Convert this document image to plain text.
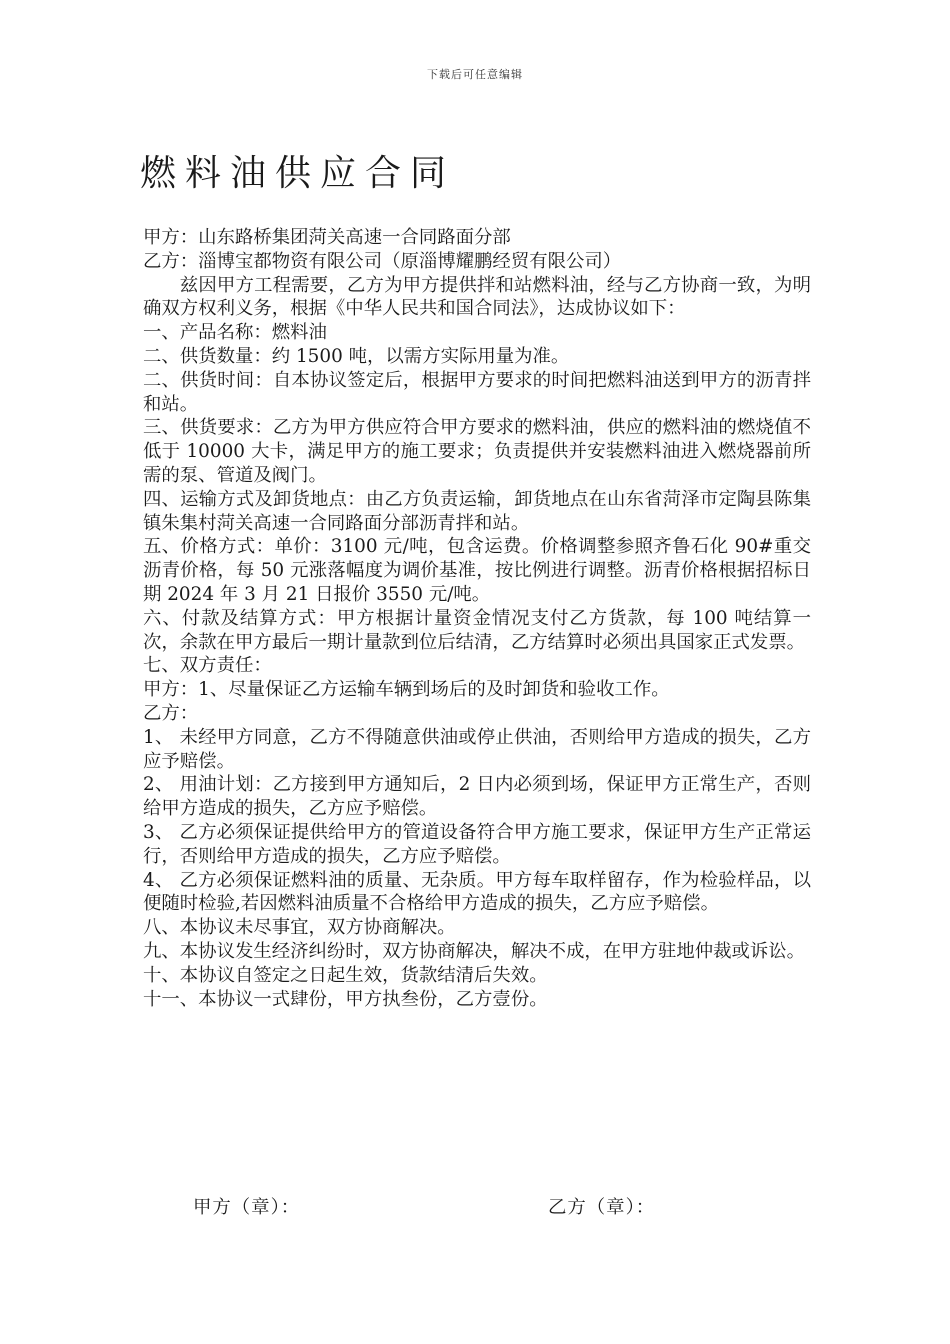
下载后可任意编辑
燃料油供应合同

甲方：山东路桥集团菏关高速一合同路面分部

乙方：淄博宝都物资有限公司（原淄博耀鹏经贸有限公司）

兹因甲方工程需要，乙方为甲方提供拌和站燃料油，经与乙方协商一致，为明确双方权利义务，根据《中华人民共和国合同法》，达成协议如下：

一、产品名称：燃料油

二、供货数量：约 1500 吨，以需方实际用量为准。

二、供货时间：自本协议签定后，根据甲方要求的时间把燃料油送到甲方的沥青拌和站。

三、供货要求：乙方为甲方供应符合甲方要求的燃料油，供应的燃料油的燃烧值不低于 10000 大卡，满足甲方的施工要求；负责提供并安装燃料油进入燃烧器前所需的泵、管道及阀门。

四、运输方式及卸货地点：由乙方负责运输，卸货地点在山东省菏泽市定陶县陈集镇朱集村菏关高速一合同路面分部沥青拌和站。

五、价格方式：单价：3100 元/吨，包含运费。价格调整参照齐鲁石化 90#重交沥青价格，每 50 元涨落幅度为调价基准，按比例进行调整。沥青价格根据招标日期 2024 年 3 月 21 日报价 3550 元/吨。

六、付款及结算方式：甲方根据计量资金情况支付乙方货款，每 100 吨结算一次，余款在甲方最后一期计量款到位后结清，乙方结算时必须出具国家正式发票。

七、双方责任：

甲方：1、尽量保证乙方运输车辆到场后的及时卸货和验收工作。

乙方：

1、 未经甲方同意，乙方不得随意供油或停止供油，否则给甲方造成的损失，乙方应予赔偿。

2、 用油计划：乙方接到甲方通知后，2 日内必须到场，保证甲方正常生产，否则给甲方造成的损失，乙方应予赔偿。

3、 乙方必须保证提供给甲方的管道设备符合甲方施工要求，保证甲方生产正常运行，否则给甲方造成的损失，乙方应予赔偿。

4、 乙方必须保证燃料油的质量、无杂质。甲方每车取样留存，作为检验样品，以便随时检验,若因燃料油质量不合格给甲方造成的损失，乙方应予赔偿。

八、本协议未尽事宜，双方协商解决。

九、本协议发生经济纠纷时，双方协商解决，解决不成，在甲方驻地仲裁或诉讼。

十、本协议自签定之日起生效，货款结清后失效。

十一、本协议一式肆份，甲方执叁份，乙方壹份。

甲方（章）：	乙方（章）：
